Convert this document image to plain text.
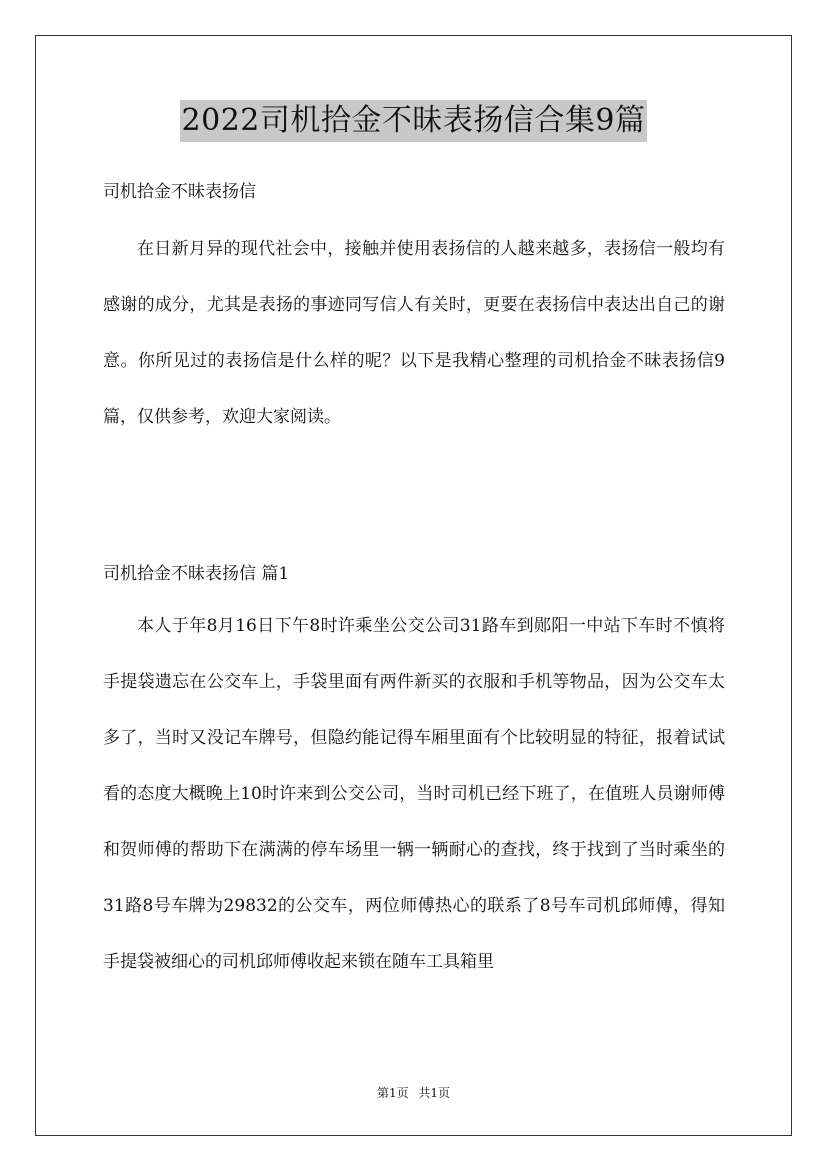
2022司机拾金不昧表扬信合集9篇

司机拾金不昧表扬信

在日新月异的现代社会中，接触并使用表扬信的人越来越多，表扬信一般均有感谢的成分，尤其是表扬的事迹同写信人有关时，更要在表扬信中表达出自己的谢意。你所见过的表扬信是什么样的呢？以下是我精心整理的司机拾金不昧表扬信9篇，仅供参考，欢迎大家阅读。

司机拾金不昧表扬信 篇1

本人于年8月16日下午8时许乘坐公交公司31路车到郧阳一中站下车时不慎将手提袋遗忘在公交车上，手袋里面有两件新买的衣服和手机等物品，因为公交车太多了，当时又没记车牌号，但隐约能记得车厢里面有个比较明显的特征，报着试试看的态度大概晚上10时许来到公交公司，当时司机已经下班了，在值班人员谢师傅和贺师傅的帮助下在满满的停车场里一辆一辆耐心的查找，终于找到了当时乘坐的31路8号车牌为29832的公交车，两位师傅热心的联系了8号车司机邱师傅，得知手提袋被细心的司机邱师傅收起来锁在随车工具箱里

第1页 共1页
